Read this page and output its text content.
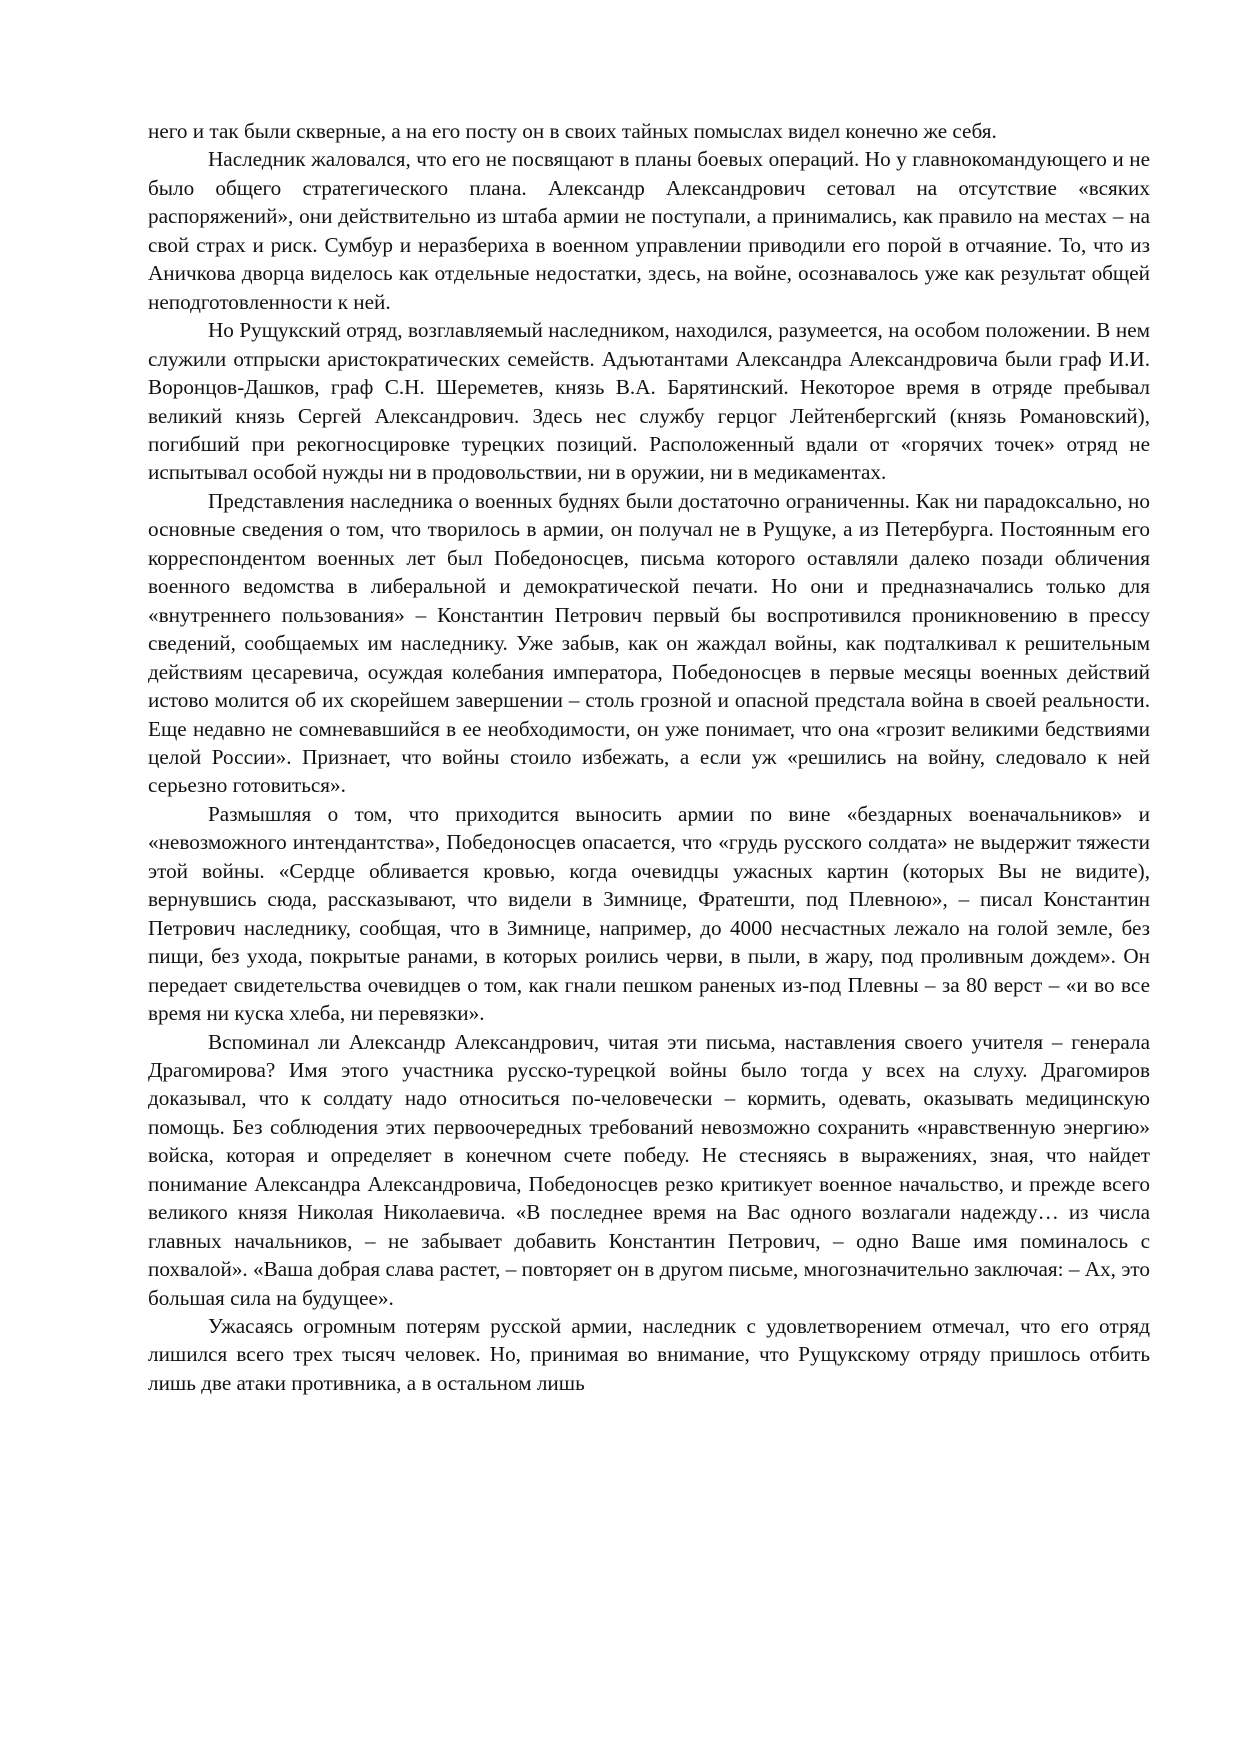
него и так были скверные, а на его посту он в своих тайных помыслах видел конечно же себя.

Наследник жаловался, что его не посвящают в планы боевых операций. Но у главнокомандующего и не было общего стратегического плана. Александр Александрович сетовал на отсутствие «всяких распоряжений», они действительно из штаба армии не поступали, а принимались, как правило на местах – на свой страх и риск. Сумбур и неразбериха в военном управлении приводили его порой в отчаяние. То, что из Аничкова дворца виделось как отдельные недостатки, здесь, на войне, осознавалось уже как результат общей неподготовленности к ней.

Но Рущукский отряд, возглавляемый наследником, находился, разумеется, на особом положении. В нем служили отпрыски аристократических семейств. Адъютантами Александра Александровича были граф И.И. Воронцов-Дашков, граф С.Н. Шереметев, князь В.А. Барятинский. Некоторое время в отряде пребывал великий князь Сергей Александрович. Здесь нес службу герцог Лейтенбергский (князь Романовский), погибший при рекогносцировке турецких позиций. Расположенный вдали от «горячих точек» отряд не испытывал особой нужды ни в продовольствии, ни в оружии, ни в медикаментах.

Представления наследника о военных буднях были достаточно ограниченны. Как ни парадоксально, но основные сведения о том, что творилось в армии, он получал не в Рущуке, а из Петербурга. Постоянным его корреспондентом военных лет был Победоносцев, письма которого оставляли далеко позади обличения военного ведомства в либеральной и демократической печати. Но они и предназначались только для «внутреннего пользования» – Константин Петрович первый бы воспротивился проникновению в прессу сведений, сообщаемых им наследнику. Уже забыв, как он жаждал войны, как подталкивал к решительным действиям цесаревича, осуждая колебания императора, Победоносцев в первые месяцы военных действий истово молится об их скорейшем завершении – столь грозной и опасной предстала война в своей реальности. Еще недавно не сомневавшийся в ее необходимости, он уже понимает, что она «грозит великими бедствиями целой России». Признает, что войны стоило избежать, а если уж «решились на войну, следовало к ней серьезно готовиться».

Размышляя о том, что приходится выносить армии по вине «бездарных военачальников» и «невозможного интендантства», Победоносцев опасается, что «грудь русского солдата» не выдержит тяжести этой войны. «Сердце обливается кровью, когда очевидцы ужасных картин (которых Вы не видите), вернувшись сюда, рассказывают, что видели в Зимнице, Фратешти, под Плевною», – писал Константин Петрович наследнику, сообщая, что в Зимнице, например, до 4000 несчастных лежало на голой земле, без пищи, без ухода, покрытые ранами, в которых роились черви, в пыли, в жару, под проливным дождем». Он передает свидетельства очевидцев о том, как гнали пешком раненых из-под Плевны – за 80 верст – «и во все время ни куска хлеба, ни перевязки».

Вспоминал ли Александр Александрович, читая эти письма, наставления своего учителя – генерала Драгомирова? Имя этого участника русско-турецкой войны было тогда у всех на слуху. Драгомиров доказывал, что к солдату надо относиться по-человечески – кормить, одевать, оказывать медицинскую помощь. Без соблюдения этих первоочередных требований невозможно сохранить «нравственную энергию» войска, которая и определяет в конечном счете победу. Не стесняясь в выражениях, зная, что найдет понимание Александра Александровича, Победоносцев резко критикует военное начальство, и прежде всего великого князя Николая Николаевича. «В последнее время на Вас одного возлагали надежду… из числа главных начальников, – не забывает добавить Константин Петрович, – одно Ваше имя поминалось с похвалой». «Ваша добрая слава растет, – повторяет он в другом письме, многозначительно заключая: – Ах, это большая сила на будущее».

Ужасаясь огромным потерям русской армии, наследник с удовлетворением отмечал, что его отряд лишился всего трех тысяч человек. Но, принимая во внимание, что Рущукскому отряду пришлось отбить лишь две атаки противника, а в остальном лишь
